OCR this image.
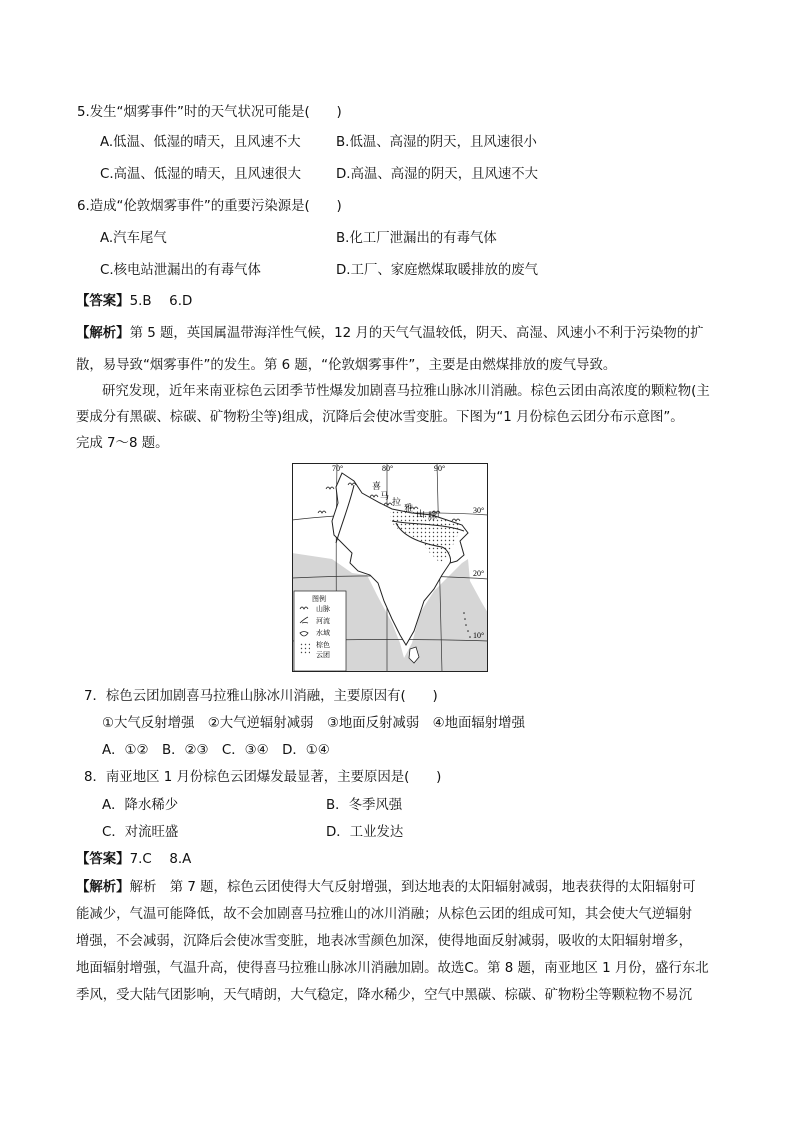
5.发生“烟雾事件”时的天气状况可能是(　　)
A.低温、低湿的晴天，且风速不大	B.低温、高湿的阴天，且风速很小
C.高温、低湿的晴天，且风速很大	D.高温、高湿的阴天，且风速不大
6.造成“伦敦烟雾事件”的重要污染源是(　　)
A.汽车尾气	B.化工厂泄漏出的有毒气体
C.核电站泄漏出的有毒气体	D.工厂、家庭燃煤取暖排放的废气
【答案】5.B　 6.D
【解析】第 5 题，英国属温带海洋性气候，12 月的天气气温较低，阴天、高湿、风速小不利于污染物的扩
散，易导致“烟雾事件”的发生。第 6 题，“伦敦烟雾事件”，主要是由燃煤排放的废气导致。
研究发现，近年来南亚棕色云团季节性爆发加剧喜马拉雅山脉冰川消融。棕色云团由高浓度的颗粒物(主
要成分有黑碳、棕碳、矿物粉尘等)组成，沉降后会使冰雪变脏。下图为“1 月份棕色云团分布示意图”。
完成 7～8 题。
70°	80°	90°
30°
20°
10°
喜
马
拉
雅
山 脉
图例
山脉
河流
水域
棕色
云团
7．棕色云团加剧喜马拉雅山脉冰川消融，主要原因有(　　)
①大气反射增强　②大气逆辐射减弱　③地面反射减弱　④地面辐射增强
A．①②　B．②③　C．③④　D．①④
8．南亚地区 1 月份棕色云团爆发最显著，主要原因是(　　)
A．降水稀少	B．冬季风强
C．对流旺盛	D．工业发达
【答案】7.C　 8.A
【解析】解析　第 7 题，棕色云团使得大气反射增强，到达地表的太阳辐射减弱，地表获得的太阳辐射可
能减少，气温可能降低，故不会加剧喜马拉雅山的冰川消融；从棕色云团的组成可知，其会使大气逆辐射
增强，不会减弱，沉降后会使冰雪变脏，地表冰雪颜色加深，使得地面反射减弱，吸收的太阳辐射增多，
地面辐射增强，气温升高，使得喜马拉雅山脉冰川消融加剧。故选C。第 8 题，南亚地区 1 月份，盛行东北
季风，受大陆气团影响，天气晴朗，大气稳定，降水稀少，空气中黑碳、棕碳、矿物粉尘等颗粒物不易沉
